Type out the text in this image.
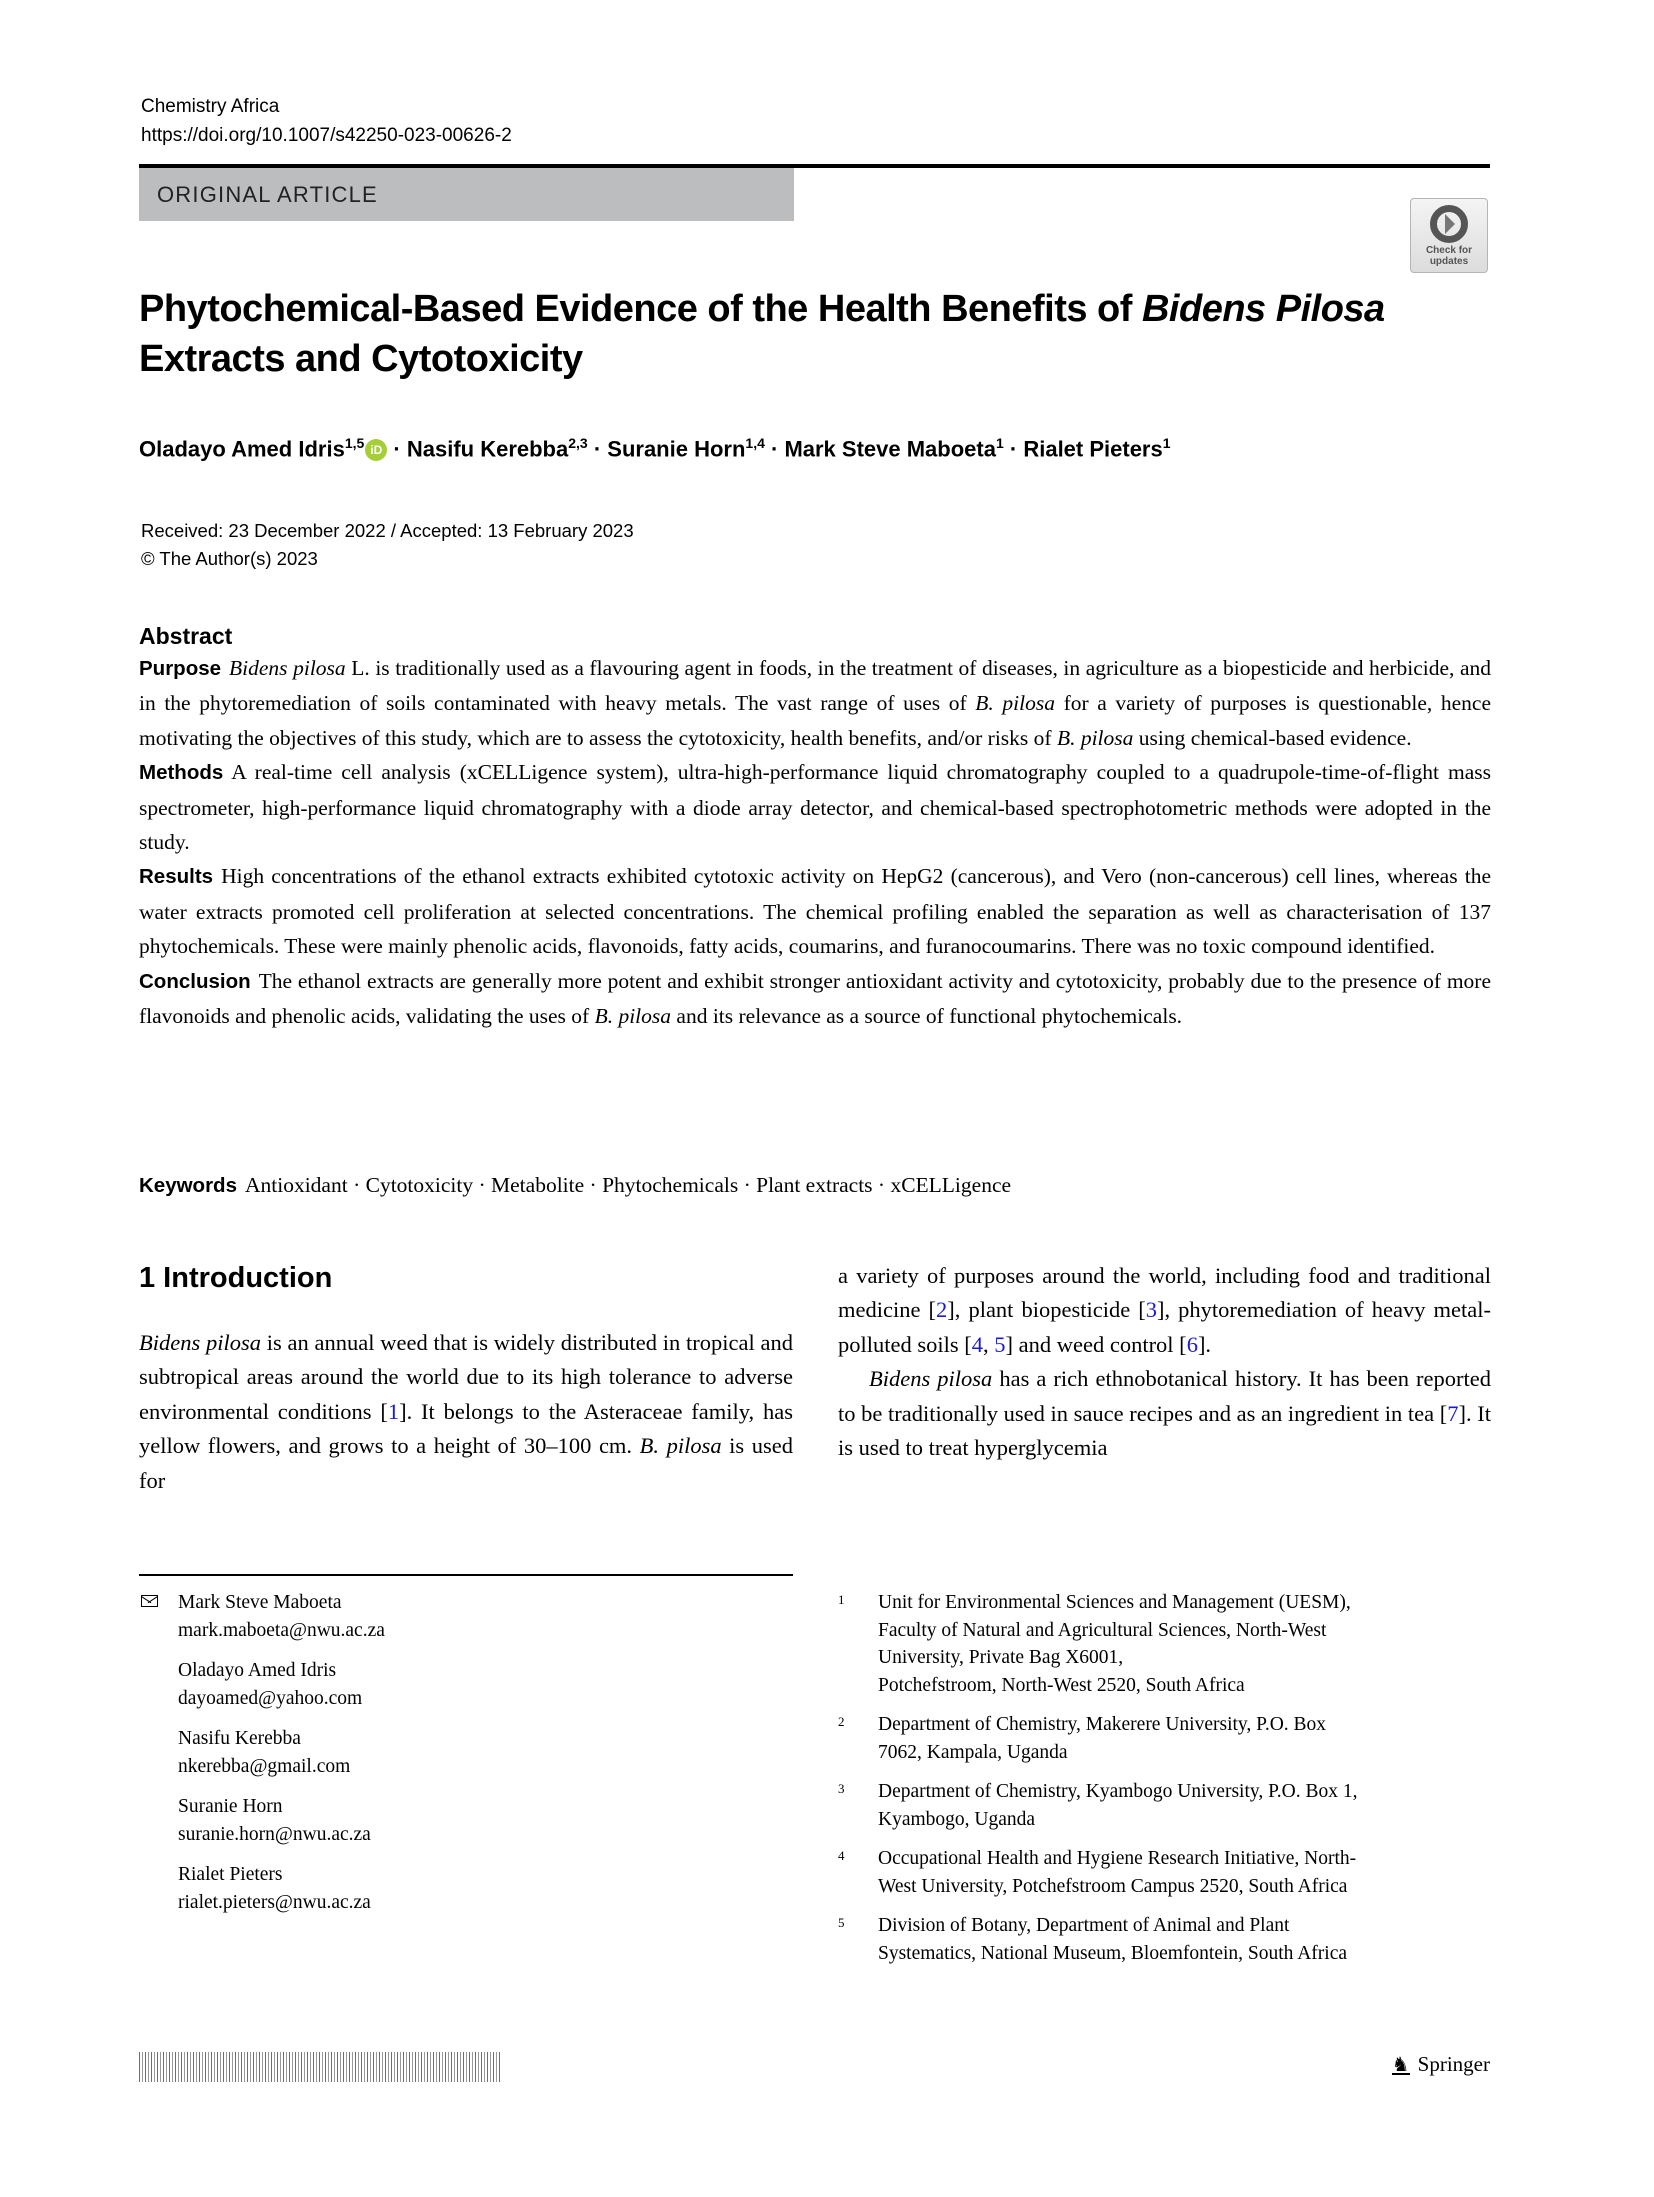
Chemistry Africa
https://doi.org/10.1007/s42250-023-00626-2
ORIGINAL ARTICLE
Check for
updates
Phytochemical-Based Evidence of the Health Benefits of Bidens Pilosa
Extracts and Cytotoxicity
Oladayo Amed Idris$^{1,5}$ iD · Nasifu Kerebba$^{2,3}$ · Suranie Horn$^{1,4}$ · Mark Steve Maboeta$^1$ · Rialet Pieters$^1$
Received: 23 December 2022 / Accepted: 13 February 2023
© The Author(s) 2023
Abstract

Purpose Bidens pilosa L. is traditionally used as a flavouring agent in foods, in the treatment of diseases, in agriculture as a biopesticide and herbicide, and in the phytoremediation of soils contaminated with heavy metals. The vast range of uses of B. pilosa for a variety of purposes is questionable, hence motivating the objectives of this study, which are to assess the cytotoxicity, health benefits, and/or risks of B. pilosa using chemical-based evidence.

Methods A real-time cell analysis (xCELLigence system), ultra-high-performance liquid chromatography coupled to a quadrupole-time-of-flight mass spectrometer, high-performance liquid chromatography with a diode array detector, and chemical-based spectrophotometric methods were adopted in the study.

Results High concentrations of the ethanol extracts exhibited cytotoxic activity on HepG2 (cancerous), and Vero (non-cancerous) cell lines, whereas the water extracts promoted cell proliferation at selected concentrations. The chemical profiling enabled the separation as well as characterisation of 137 phytochemicals. These were mainly phenolic acids, flavonoids, fatty acids, coumarins, and furanocoumarins. There was no toxic compound identified.

Conclusion The ethanol extracts are generally more potent and exhibit stronger antioxidant activity and cytotoxicity, probably due to the presence of more flavonoids and phenolic acids, validating the uses of B. pilosa and its relevance as a source of functional phytochemicals.

Keywords Antioxidant · Cytotoxicity · Metabolite · Phytochemicals · Plant extracts · xCELLigence
1 Introduction

Bidens pilosa is an annual weed that is widely distributed in tropical and subtropical areas around the world due to its high tolerance to adverse environmental conditions [1]. It belongs to the Asteraceae family, has yellow flowers, and grows to a height of 30–100 cm. B. pilosa is used for

a variety of purposes around the world, including food and traditional medicine [2], plant biopesticide [3], phytoremediation of heavy metal-polluted soils [4, 5] and weed control [6].

Bidens pilosa has a rich ethnobotanical history. It has been reported to be traditionally used in sauce recipes and as an ingredient in tea [7]. It is used to treat hyperglycemia

Mark Steve Maboeta
mark.maboeta@nwu.ac.za
Oladayo Amed Idris
dayoamed@yahoo.com
Nasifu Kerebba
nkerebba@gmail.com
Suranie Horn
suranie.horn@nwu.ac.za
Rialet Pieters
rialet.pieters@nwu.ac.za
1 Unit for Environmental Sciences and Management (UESM),
Faculty of Natural and Agricultural Sciences, North-West
University, Private Bag X6001,
Potchefstroom, North-West 2520, South Africa
2 Department of Chemistry, Makerere University, P.O. Box
7062, Kampala, Uganda
3 Department of Chemistry, Kyambogo University, P.O. Box 1,
Kyambogo, Uganda
4 Occupational Health and Hygiene Research Initiative, North-
West University, Potchefstroom Campus 2520, South Africa
5 Division of Botany, Department of Animal and Plant
Systematics, National Museum, Bloemfontein, South Africa
♞Springer
